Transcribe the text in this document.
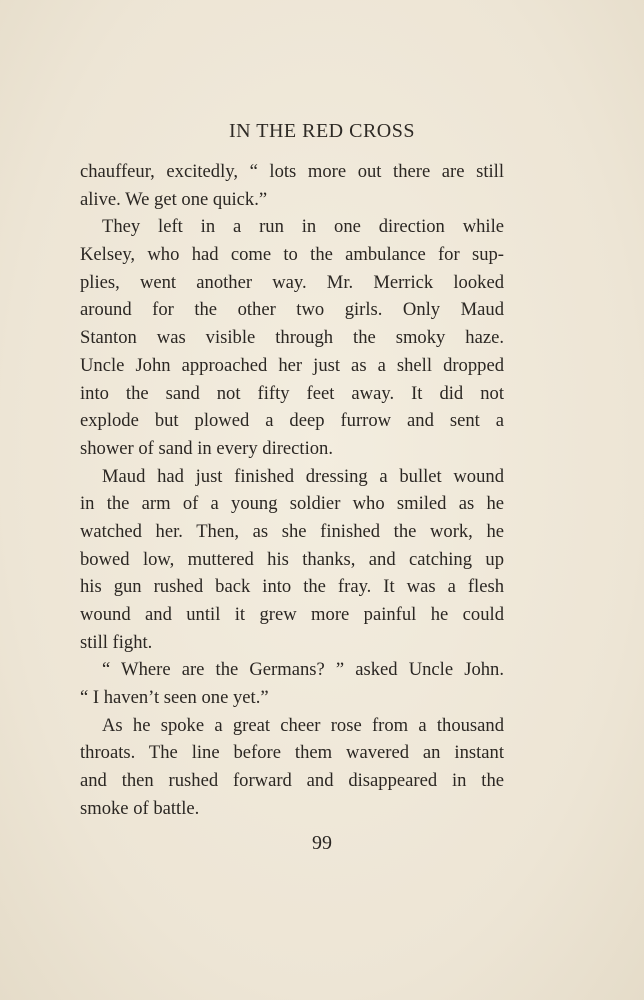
IN THE RED CROSS
chauffeur, excitedly, “ lots more out there are still
alive. We get one quick.”
They left in a run in one direction while
Kelsey, who had come to the ambulance for sup-
plies, went another way. Mr. Merrick looked
around for the other two girls. Only Maud
Stanton was visible through the smoky haze.
Uncle John approached her just as a shell dropped
into the sand not fifty feet away. It did not
explode but plowed a deep furrow and sent a
shower of sand in every direction.
Maud had just finished dressing a bullet wound
in the arm of a young soldier who smiled as he
watched her. Then, as she finished the work, he
bowed low, muttered his thanks, and catching up
his gun rushed back into the fray. It was a flesh
wound and until it grew more painful he could
still fight.
“ Where are the Germans? ” asked Uncle John.
“ I haven’t seen one yet.”
As he spoke a great cheer rose from a thousand
throats. The line before them wavered an instant
and then rushed forward and disappeared in the
smoke of battle.
99
